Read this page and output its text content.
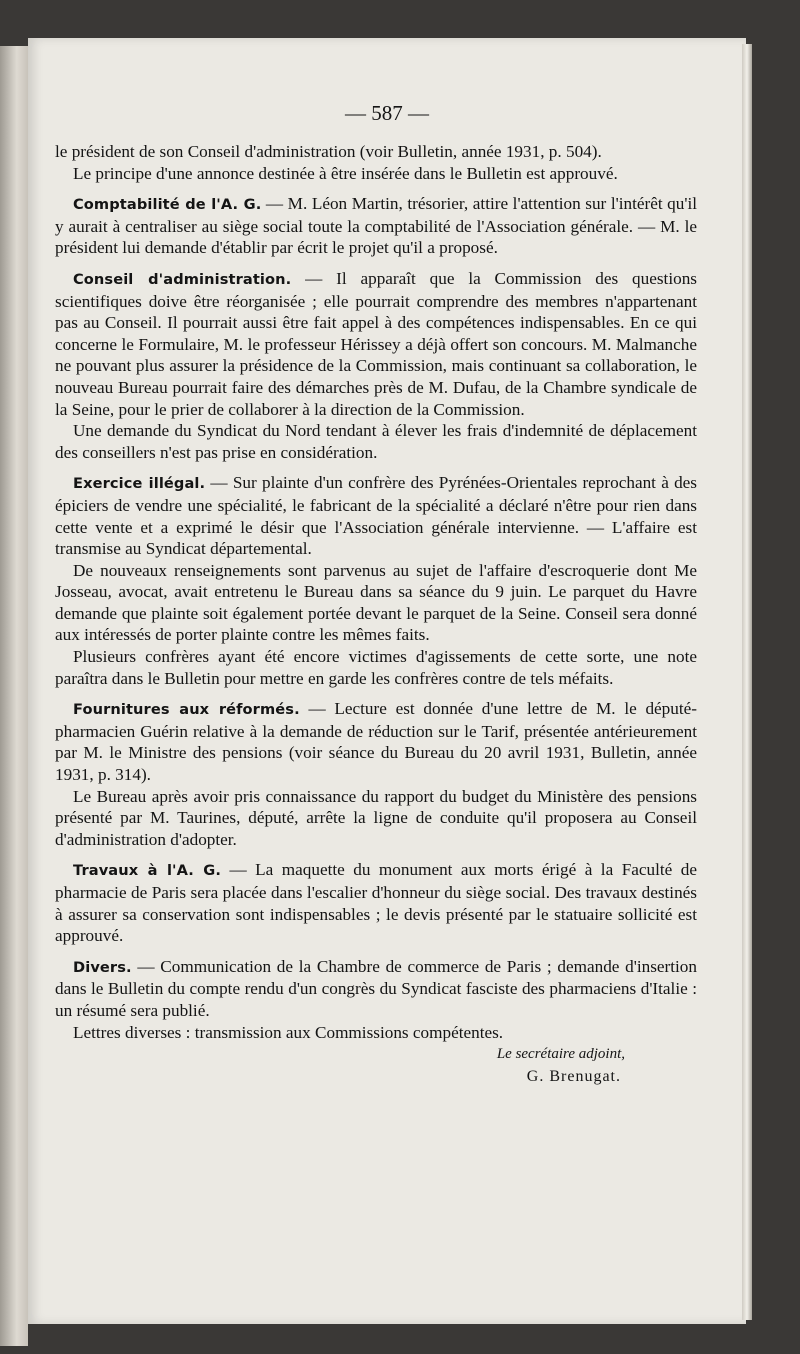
— 587 —

le président de son Conseil d'administration (voir Bulletin, année 1931, p. 504).

Le principe d'une annonce destinée à être insérée dans le Bulletin est approuvé.

Comptabilité de l'A. G. — M. Léon Martin, trésorier, attire l'attention sur l'intérêt qu'il y aurait à centraliser au siège social toute la comptabilité de l'Association générale. — M. le président lui demande d'établir par écrit le projet qu'il a proposé.

Conseil d'administration. — Il apparaît que la Commission des questions scientifiques doive être réorganisée ; elle pourrait comprendre des membres n'appartenant pas au Conseil. Il pourrait aussi être fait appel à des compétences indispensables. En ce qui concerne le Formulaire, M. le professeur Hérissey a déjà offert son concours. M. Malmanche ne pouvant plus assurer la présidence de la Commission, mais continuant sa collaboration, le nouveau Bureau pourrait faire des démarches près de M. Dufau, de la Chambre syndicale de la Seine, pour le prier de collaborer à la direction de la Commission.

Une demande du Syndicat du Nord tendant à élever les frais d'indemnité de déplacement des conseillers n'est pas prise en considération.

Exercice illégal. — Sur plainte d'un confrère des Pyrénées-Orientales reprochant à des épiciers de vendre une spécialité, le fabricant de la spécialité a déclaré n'être pour rien dans cette vente et a exprimé le désir que l'Association générale intervienne. — L'affaire est transmise au Syndicat départemental.

De nouveaux renseignements sont parvenus au sujet de l'affaire d'escroquerie dont Me Josseau, avocat, avait entretenu le Bureau dans sa séance du 9 juin. Le parquet du Havre demande que plainte soit également portée devant le parquet de la Seine. Conseil sera donné aux intéressés de porter plainte contre les mêmes faits.

Plusieurs confrères ayant été encore victimes d'agissements de cette sorte, une note paraîtra dans le Bulletin pour mettre en garde les confrères contre de tels méfaits.

Fournitures aux réformés. — Lecture est donnée d'une lettre de M. le député-pharmacien Guérin relative à la demande de réduction sur le Tarif, présentée antérieurement par M. le Ministre des pensions (voir séance du Bureau du 20 avril 1931, Bulletin, année 1931, p. 314).

Le Bureau après avoir pris connaissance du rapport du budget du Ministère des pensions présenté par M. Taurines, député, arrête la ligne de conduite qu'il proposera au Conseil d'administration d'adopter.

Travaux à l'A. G. — La maquette du monument aux morts érigé à la Faculté de pharmacie de Paris sera placée dans l'escalier d'honneur du siège social. Des travaux destinés à assurer sa conservation sont indispensables ; le devis présenté par le statuaire sollicité est approuvé.

Divers. — Communication de la Chambre de commerce de Paris ; demande d'insertion dans le Bulletin du compte rendu d'un congrès du Syndicat fasciste des pharmaciens d'Italie : un résumé sera publié.

Lettres diverses : transmission aux Commissions compétentes.

Le secrétaire adjoint,

G. Brenugat.
